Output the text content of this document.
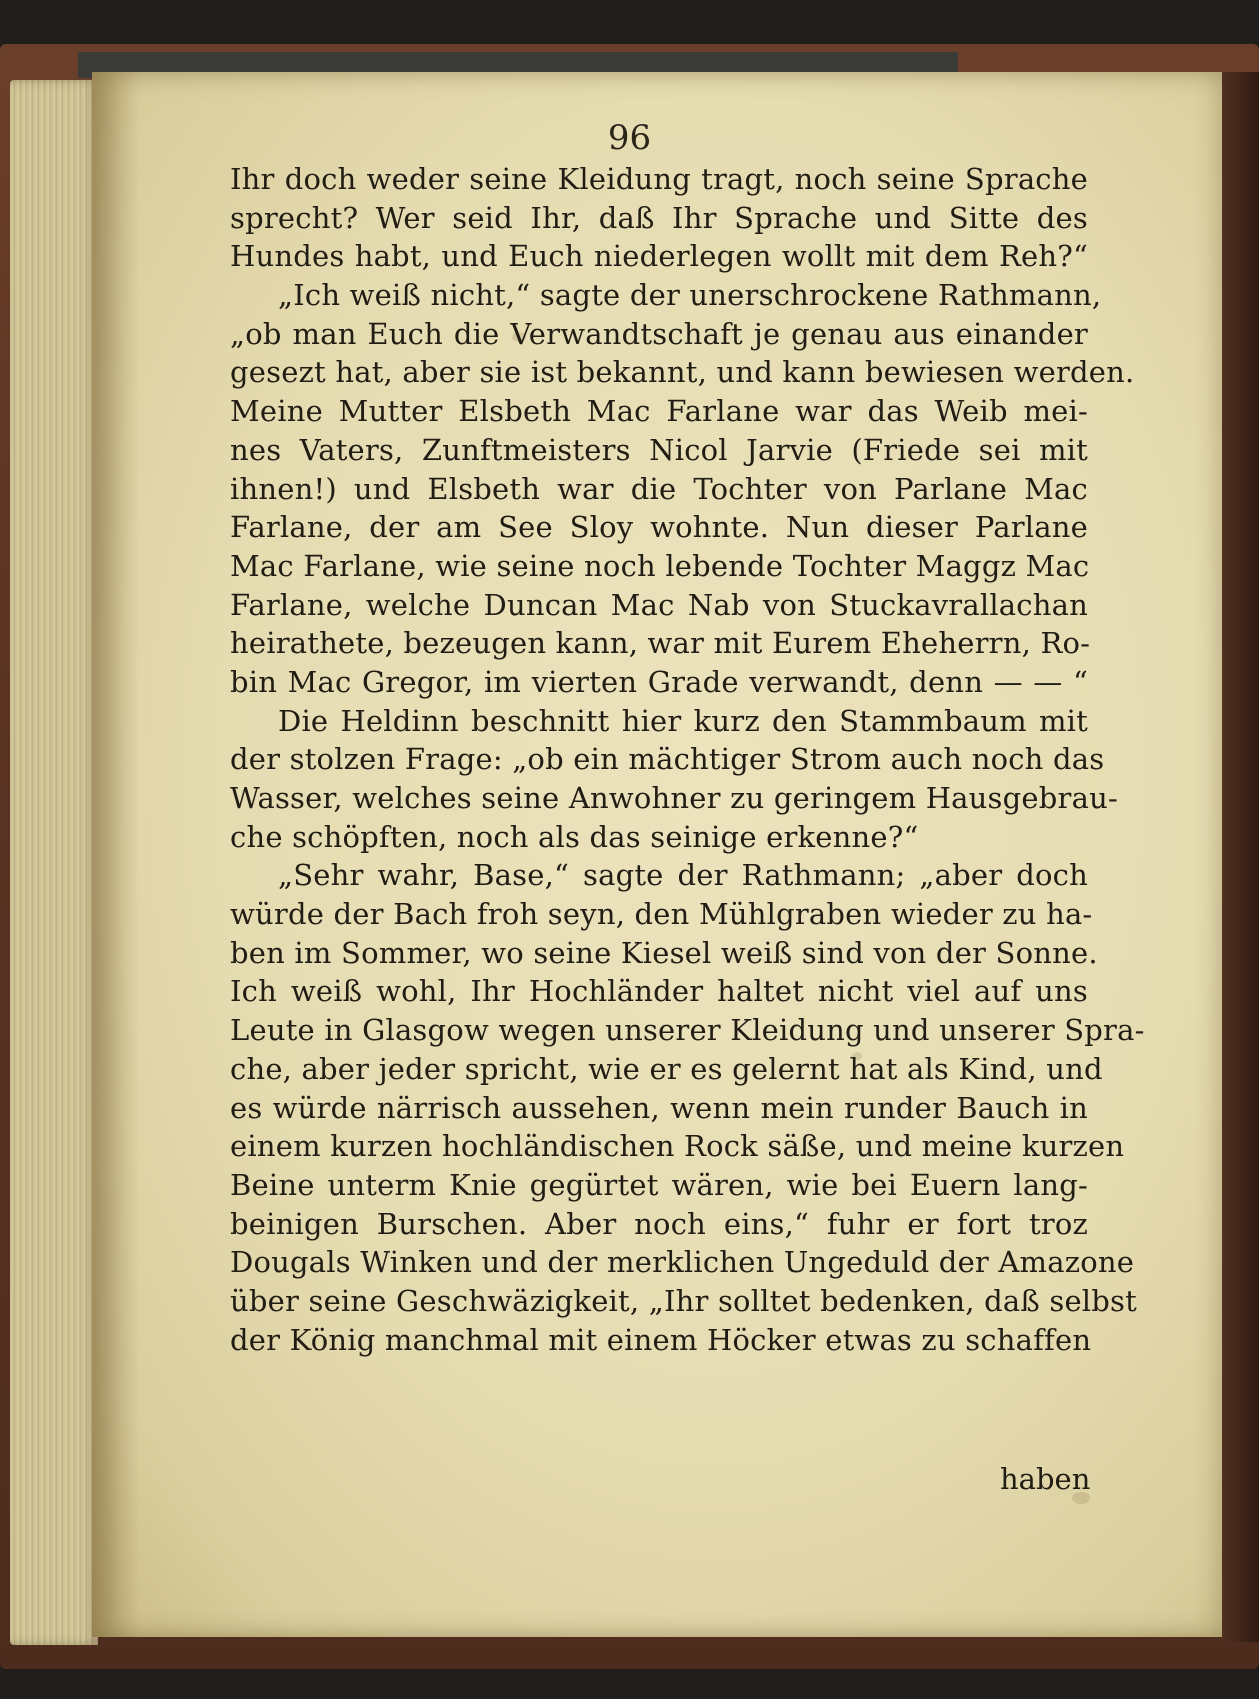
96
Ihr doch weder seine Kleidung tragt, noch seine Sprache
sprecht? Wer seid Ihr, daß Ihr Sprache und Sitte des
Hundes habt, und Euch niederlegen wollt mit dem Reh?“
„Ich weiß nicht,“ sagte der unerschrockene Rathmann,
„ob man Euch die Verwandtschaft je genau aus einander
gesezt hat, aber sie ist bekannt, und kann bewiesen werden.
Meine Mutter Elsbeth Mac Farlane war das Weib mei-
nes Vaters, Zunftmeisters Nicol Jarvie (Friede sei mit
ihnen!) und Elsbeth war die Tochter von Parlane Mac
Farlane, der am See Sloy wohnte. Nun dieser Parlane
Mac Farlane, wie seine noch lebende Tochter Maggz Mac
Farlane, welche Duncan Mac Nab von Stuckavrallachan
heirathete, bezeugen kann, war mit Eurem Eheherrn, Ro-
bin Mac Gregor, im vierten Grade verwandt, denn — — “
Die Heldinn beschnitt hier kurz den Stammbaum mit
der stolzen Frage: „ob ein mächtiger Strom auch noch das
Wasser, welches seine Anwohner zu geringem Hausgebrau-
che schöpften, noch als das seinige erkenne?“
„Sehr wahr, Base,“ sagte der Rathmann; „aber doch
würde der Bach froh seyn, den Mühlgraben wieder zu ha-
ben im Sommer, wo seine Kiesel weiß sind von der Sonne.
Ich weiß wohl, Ihr Hochländer haltet nicht viel auf uns
Leute in Glasgow wegen unserer Kleidung und unserer Spra-
che, aber jeder spricht, wie er es gelernt hat als Kind, und
es würde närrisch aussehen, wenn mein runder Bauch in
einem kurzen hochländischen Rock säße, und meine kurzen
Beine unterm Knie gegürtet wären, wie bei Euern lang-
beinigen Burschen. Aber noch eins,“ fuhr er fort troz
Dougals Winken und der merklichen Ungeduld der Amazone
über seine Geschwäzigkeit, „Ihr solltet bedenken, daß selbst
der König manchmal mit einem Höcker etwas zu schaffen
haben
